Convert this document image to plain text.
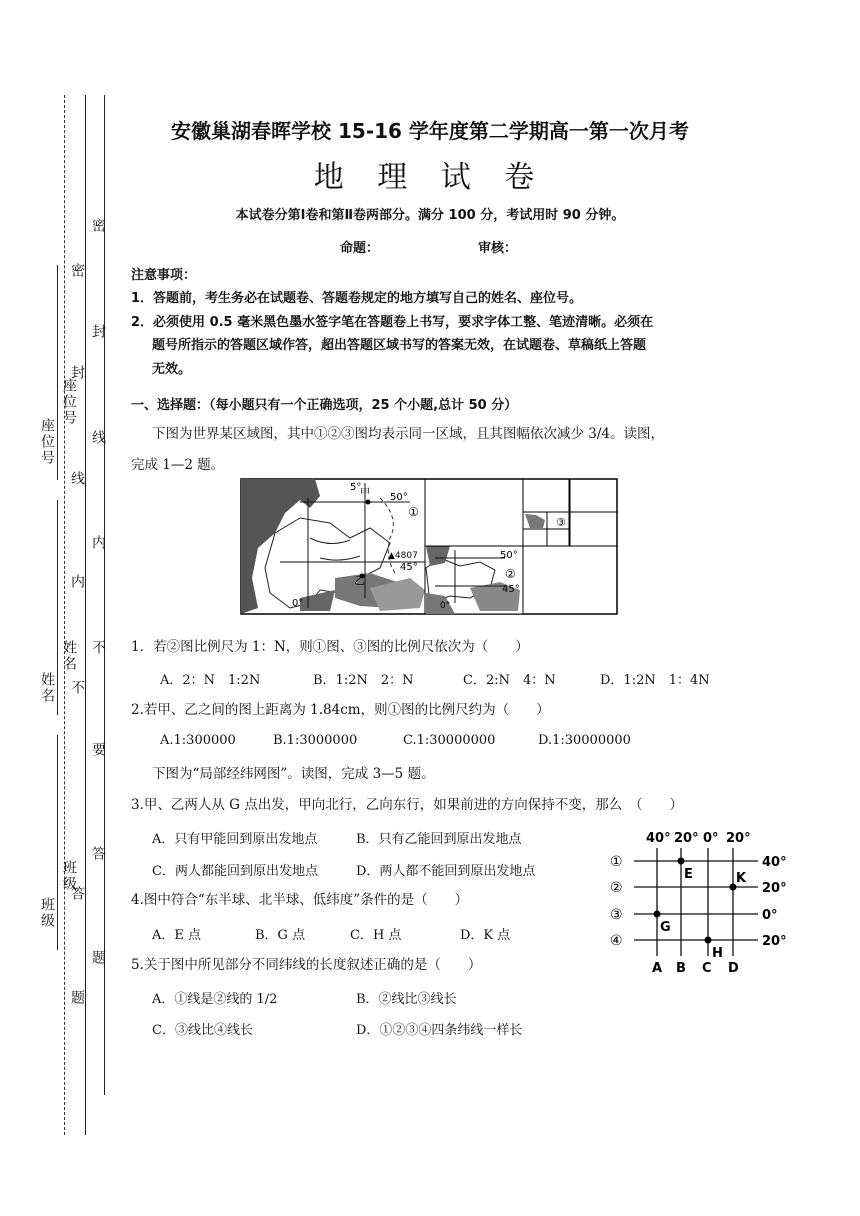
座位号
姓名
班级
座位号
线
内
姓名
不
班级
答
密
封
密
封
线
内
不
要
答
题
题
安徽巢湖春晖学校 15-16 学年度第二学期高一第一次月考
地 理 试 卷
本试卷分第Ⅰ卷和第Ⅱ卷两部分。满分 100 分，考试用时 90 分钟。
命题：	审核：
注意事项：
1．答题前，考生务必在试题卷、答题卷规定的地方填写自己的姓名、座位号。
2．必须使用 0.5 毫米黑色墨水签字笔在答题卷上书写，要求字体工整、笔迹清晰。必须在
题号所指示的答题区域作答，超出答题区域书写的答案无效，在试题卷、草稿纸上答题
无效。
一、选择题：（每小题只有一个正确选项，25 个小题,总计 50 分）
下图为世界某区域图，其中①②③图均表示同一区域，且其图幅依次减少 3/4。读图，
完成 1—2 题。
5°
甲 50°
①
▲4807
45°
乙
0°
50°
②
45°
0°
③
1．若②图比例尺为 1：N，则①图、③图的比例尺依次为（　　）
A．2：N　1:2N	B．1:2N　2：N	C．2:N　4：N	D．1:2N　1：4N
2.若甲、乙之间的图上距离为 1.84cm，则①图的比例尺约为（　　）
A.1:300000	B.1:3000000	C.1:30000000	D.1:30000000
下图为“局部经纬网图”。读图，完成 3—5 题。
3.甲、乙两人从 G 点出发，甲向北行，乙向东行，如果前进的方向保持不变，那么　（　　）
A．只有甲能回到原出发地点	B．只有乙能回到原出发地点
C．两人都能回到原出发地点	D．两人都不能回到原出发地点
4.图中符合“东半球、北半球、低纬度”条件的是（　　）
A．E 点	B．G 点	C．H 点	D．K 点
5.关于图中所见部分不同纬线的长度叙述正确的是（　　）
A．①线是②线的 1/2	B．②线比③线长
C．③线比④线长	D．①②③④四条纬线一样长
40° 20° 0° 20°
①
②
③
④
40°
20°
0°
20°
E	K
G
H
A B C D
